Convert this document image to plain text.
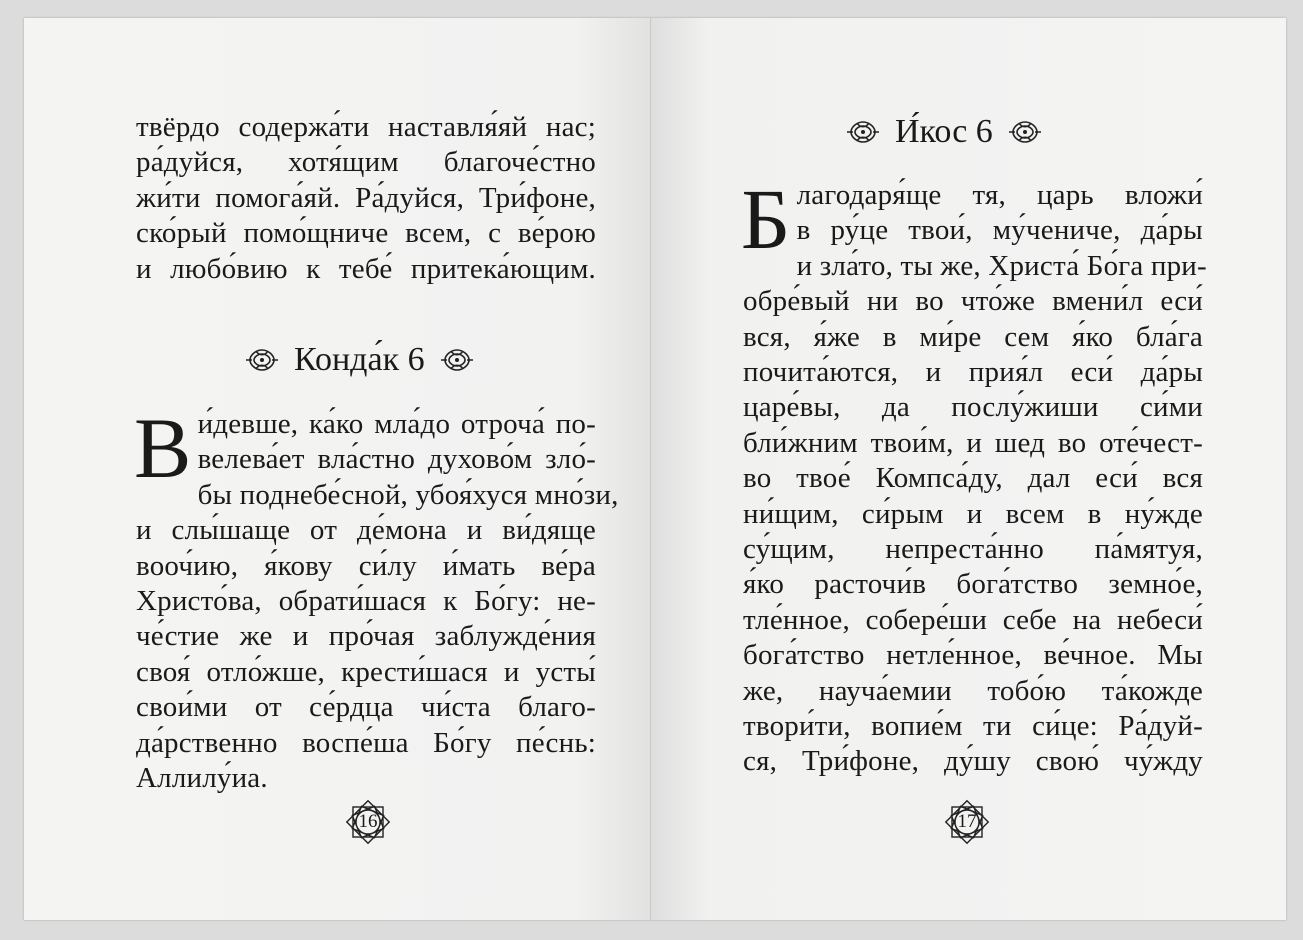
твёрдо содержа́ти наставля́яй нас;
ра́дуйся, хотя́щим благоче́стно
жи́ти помога́яй. Ра́дуйся, Три́фоне,
ско́рый помо́щниче всем, с ве́рою
и любо́вию к тебе́ притека́ющим.
Конда́к 6
В и́девше, ка́ко мла́до отроча́ по-
велева́ет вла́стно духово́м зло́-
бы поднебе́сной, убоя́хуся мно́зи,
и слы́шаще от де́мона и ви́дяще
вооч́ию, я́кову си́лу и́мать ве́ра
Христо́ва, обрати́шася к Бо́гу: не-
че́стие же и про́чая заблужде́ния
своя́ отло́жше, крести́шася и усты́
свои́ми от се́рдца чи́ста благо-
да́рственно воспе́ша Бо́гу пе́снь:
Аллилу́иа.
16
И́кос 6
Б лагодаря́ще тя, царь вложи́
в ру́це твои́, му́чениче, да́ры
и зла́то, ты же, Христа́ Бо́га при-
обре́вый ни во что́же вмени́л еси́
вся, я́же в ми́ре сем я́ко бла́га
почита́ются, и прия́л еси́ да́ры
царе́вы, да послу́жиши си́ми
бли́жним твои́м, и шед во оте́чест-
во твое́ Компса́ду, дал еси́ вся
ни́щим, си́рым и всем в ну́жде
су́щим, непреста́нно па́мятуя,
я́ко расточи́в бога́тство земно́е,
тле́нное, собере́ши себе на небеси́
бога́тство нетле́нное, ве́чное. Мы
же, науча́емии тобо́ю та́кожде
твори́ти, вопие́м ти си́це: Ра́дуй-
ся, Три́фоне, ду́шу свою́ чу́жду
17
